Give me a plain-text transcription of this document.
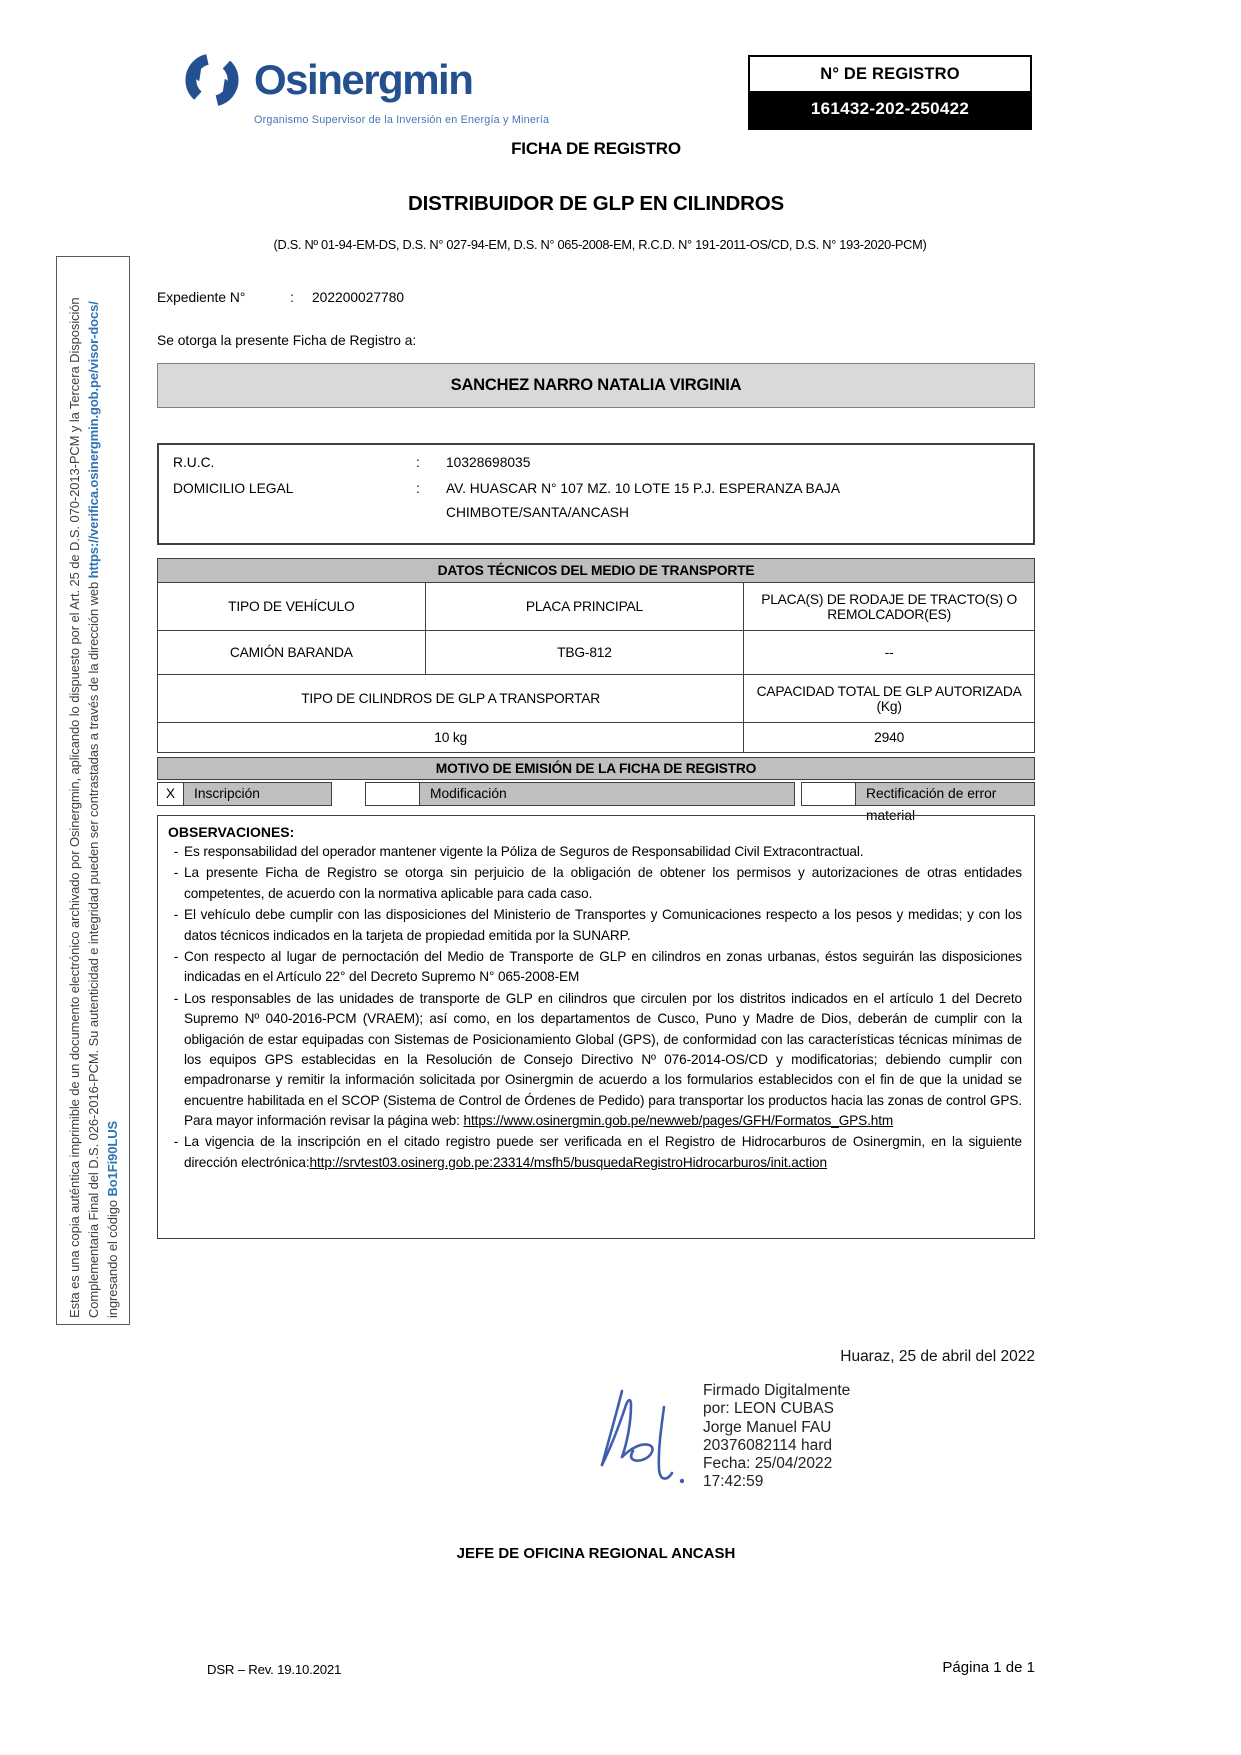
Osinergmin
Organismo Supervisor de la Inversión en Energía y Minería
N° DE REGISTRO
161432-202-250422
FICHA DE REGISTRO
DISTRIBUIDOR DE GLP EN CILINDROS
(D.S. Nº 01-94-EM-DS, D.S. N° 027-94-EM, D.S. N° 065-2008-EM, R.C.D. N° 191-2011-OS/CD, D.S. N° 193-2020-PCM)
Expediente N°	:	202200027780
Se otorga la presente Ficha de Registro a:
SANCHEZ NARRO NATALIA VIRGINIA
R.U.C.	:	10328698035
DOMICILIO LEGAL	:	AV. HUASCAR N° 107 MZ. 10 LOTE 15 P.J. ESPERANZA BAJA
CHIMBOTE/SANTA/ANCASH
DATOS TÉCNICOS DEL MEDIO DE TRANSPORTE		
TIPO DE VEHÍCULO	PLACA PRINCIPAL	PLACA(S) DE RODAJE DE TRACTO(S) O REMOLCADOR(ES)
CAMIÓN BARANDA	TBG-812	--
TIPO DE CILINDROS DE GLP A TRANSPORTAR		CAPACIDAD TOTAL DE GLP AUTORIZADA (Kg)
10 kg		2940
MOTIVO DE EMISIÓN DE LA FICHA DE REGISTRO
X	Inscripción	Modificación	Rectificación de error material
OBSERVACIONES:
- Es responsabilidad del operador mantener vigente la Póliza de Seguros de Responsabilidad Civil Extracontractual.
- La presente Ficha de Registro se otorga sin perjuicio de la obligación de obtener los permisos y autorizaciones de otras entidades competentes, de acuerdo con la normativa aplicable para cada caso.
- El vehículo debe cumplir con las disposiciones del Ministerio de Transportes y Comunicaciones respecto a los pesos y medidas; y con los datos técnicos indicados en la tarjeta de propiedad emitida por la SUNARP.
- Con respecto al lugar de pernoctación del Medio de Transporte de GLP en cilindros en zonas urbanas, éstos seguirán las disposiciones indicadas en el Artículo 22° del Decreto Supremo N° 065-2008-EM
- Los responsables de las unidades de transporte de GLP en cilindros que circulen por los distritos indicados en el artículo 1 del Decreto Supremo Nº 040-2016-PCM (VRAEM); así como, en los departamentos de Cusco, Puno y Madre de Dios, deberán de cumplir con la obligación de estar equipadas con Sistemas de Posicionamiento Global (GPS), de conformidad con las características técnicas mínimas de los equipos GPS establecidas en la Resolución de Consejo Directivo Nº 076-2014-OS/CD y modificatorias; debiendo cumplir con empadronarse y remitir la información solicitada por Osinergmin de acuerdo a los formularios establecidos con el fin de que la unidad se encuentre habilitada en el SCOP (Sistema de Control de Órdenes de Pedido) para transportar los productos hacia las zonas de control GPS. Para mayor información revisar la página web: https://www.osinergmin.gob.pe/newweb/pages/GFH/Formatos_GPS.htm
- La vigencia de la inscripción en el citado registro puede ser verificada en el Registro de Hidrocarburos de Osinergmin, en la siguiente dirección electrónica:http://srvtest03.osinerg.gob.pe:23314/msfh5/busquedaRegistroHidrocarburos/init.action
Huaraz, 25 de abril del 2022
Firmado Digitalmente
por: LEON CUBAS
Jorge Manuel FAU
20376082114 hard
Fecha: 25/04/2022
17:42:59
JEFE DE OFICINA REGIONAL ANCASH
DSR – Rev. 19.10.2021	Página 1 de 1
Esta es una copia auténtica imprimible de un documento electrónico archivado por Osinergmin, aplicando lo dispuesto por el Art. 25 de D.S. 070-2013-PCM y la Tercera Disposición Complementaria Final del D.S. 026-2016-PCM. Su autenticidad e integridad pueden ser contrastadas a través de la dirección web https://verifica.osinergmin.gob.pe/visor-docs/
ingresando el código Bo1Fi90LUS
